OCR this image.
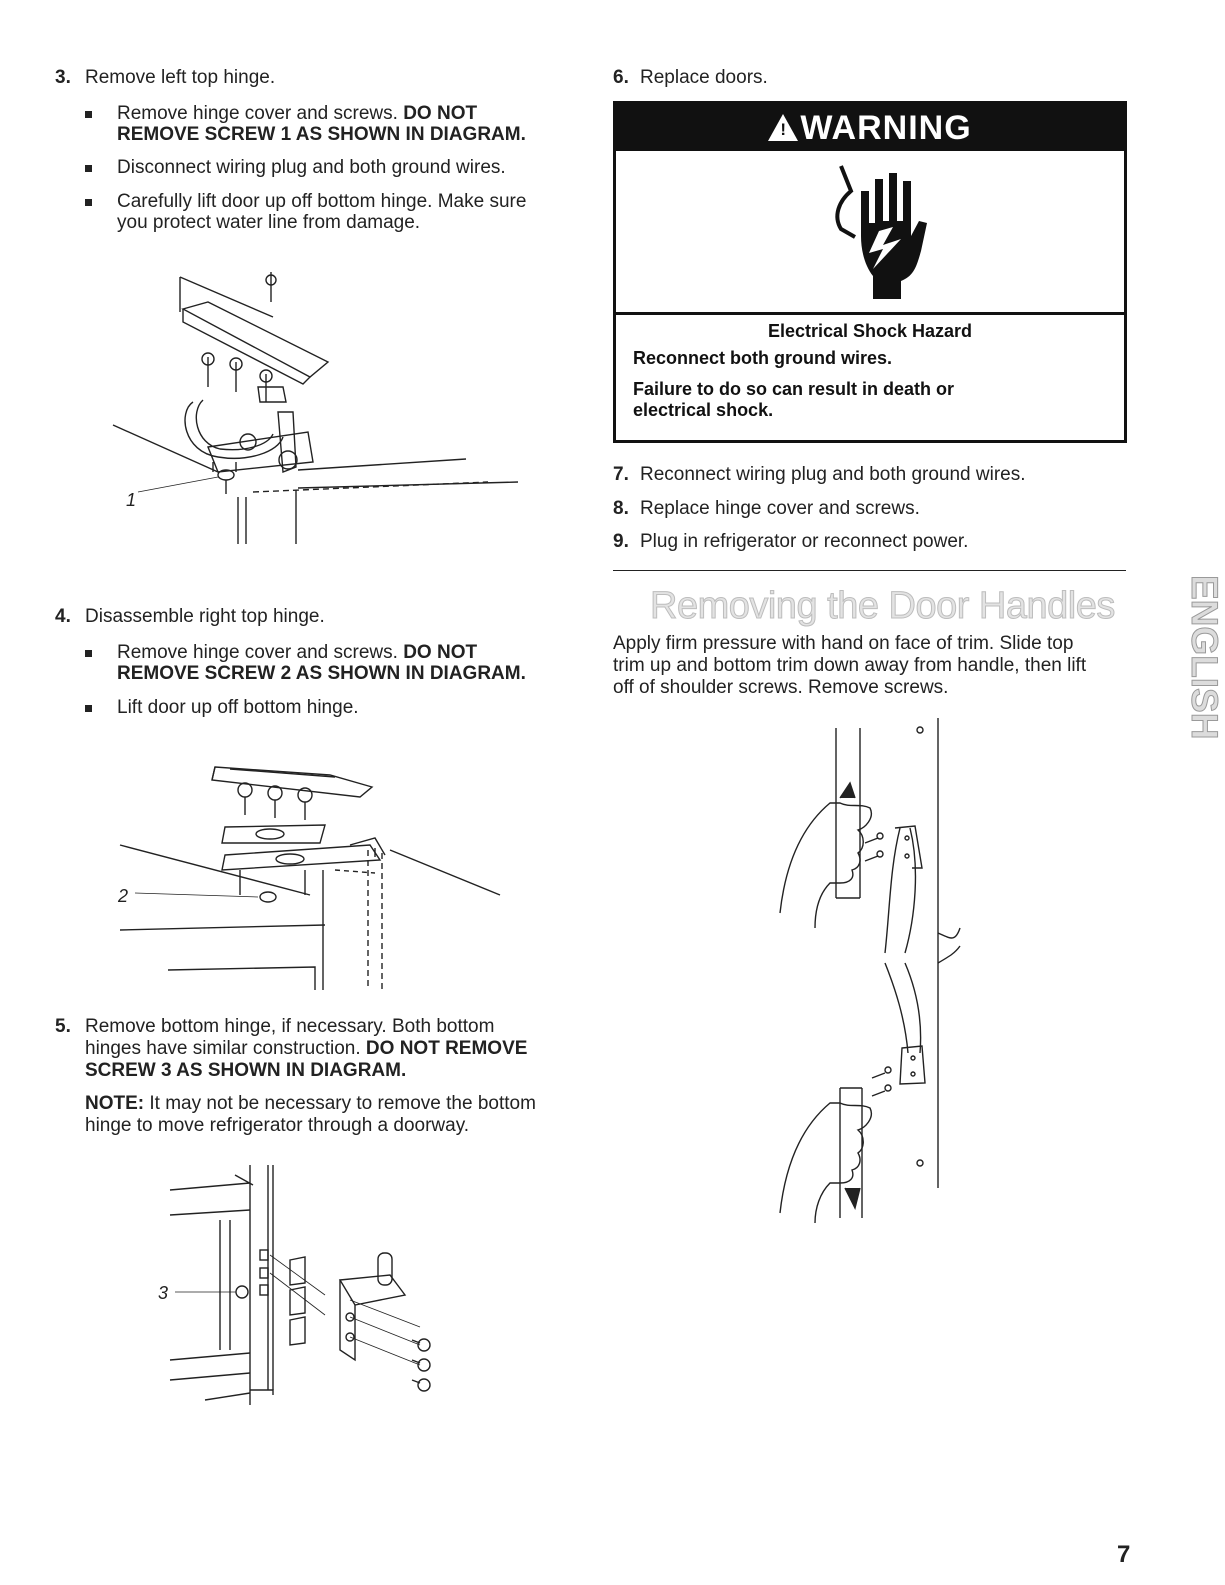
3. Remove left top hinge.
Remove hinge cover and screws. DO NOT
REMOVE SCREW 1 AS SHOWN IN DIAGRAM.
Disconnect wiring plug and both ground wires.
Carefully lift door up off bottom hinge. Make sure
you protect water line from damage.
1
4. Disassemble right top hinge.
Remove hinge cover and screws. DO NOT
REMOVE SCREW 2 AS SHOWN IN DIAGRAM.
Lift door up off bottom hinge.
2
5. Remove bottom hinge, if necessary. Both bottom
hinges have similar construction. DO NOT REMOVE
SCREW 3 AS SHOWN IN DIAGRAM.
NOTE: It may not be necessary to remove the bottom
hinge to move refrigerator through a doorway.
3
6. Replace doors.
! WARNING
Electrical Shock Hazard
Reconnect both ground wires.
Failure to do so can result in death or
electrical shock.
7. Reconnect wiring plug and both ground wires.
8. Replace hinge cover and screws.
9. Plug in refrigerator or reconnect power.
Removing the Door Handles
Apply firm pressure with hand on face of trim. Slide top
trim up and bottom trim down away from handle, then lift
off of shoulder screws. Remove screws.	ENGLISH
7
